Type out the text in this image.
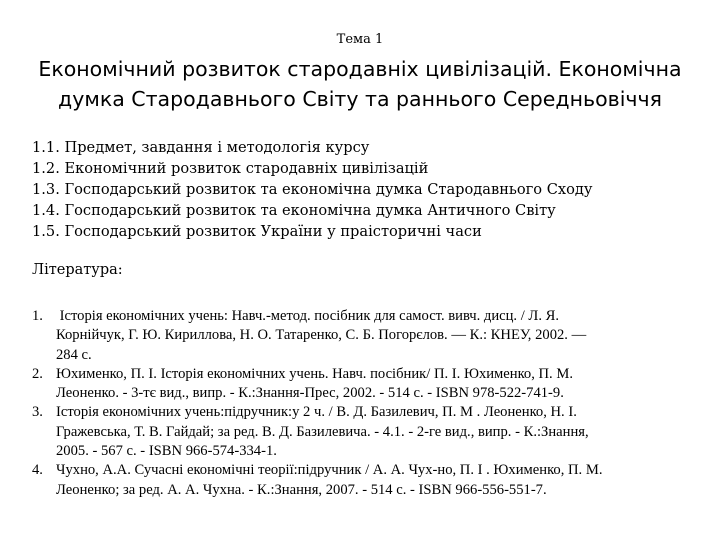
Тема 1
Економічний розвиток стародавніх цивілізацій. Економічна
думка Стародавнього Світу та раннього Середньовіччя
1.1. Предмет, завдання і методологія курсу
1.2. Економічний розвиток стародавніх цивілізацій
1.3. Господарський розвиток та економічна думка Стародавнього Сходу
1.4. Господарський розвиток та економічна думка Античного Світу
1.5. Господарський розвиток України у праісторичні часи
Література:
1. Історія економічних учень: Навч.-метод. посібник для самост. вивч. дисц. / Л. Я.
Корнійчук, Г. Ю. Кириллова, Н. О. Татаренко, С. Б. Погорєлов. — К.: КНЕУ, 2002. —
284 с.
2. Юхименко, П. І. Історія економічних учень. Навч. посібник/ П. І. Юхименко, П. М.
Леоненко. - 3-тє вид., випр. - К.:Знання-Прес, 2002. - 514 с. - ISBN 978-522-741-9.
3. Історія економічних учень:підручник:у 2 ч. / В. Д. Базилевич, П. М . Леоненко, Н. І.
Гражевська, Т. В. Гайдай; за ред. В. Д. Базилевича. - 4.1. - 2-ге вид., випр. - К.:Знання,
2005. - 567 с. - ISBN 966-574-334-1.
4. Чухно, А.А. Сучасні економічні теорії:підручник / А. А. Чух-но, П. І . Юхименко, П. М.
Леоненко; за ред. А. А. Чухна. - К.:Знання, 2007. - 514 с. - ISBN 966-556-551-7.
